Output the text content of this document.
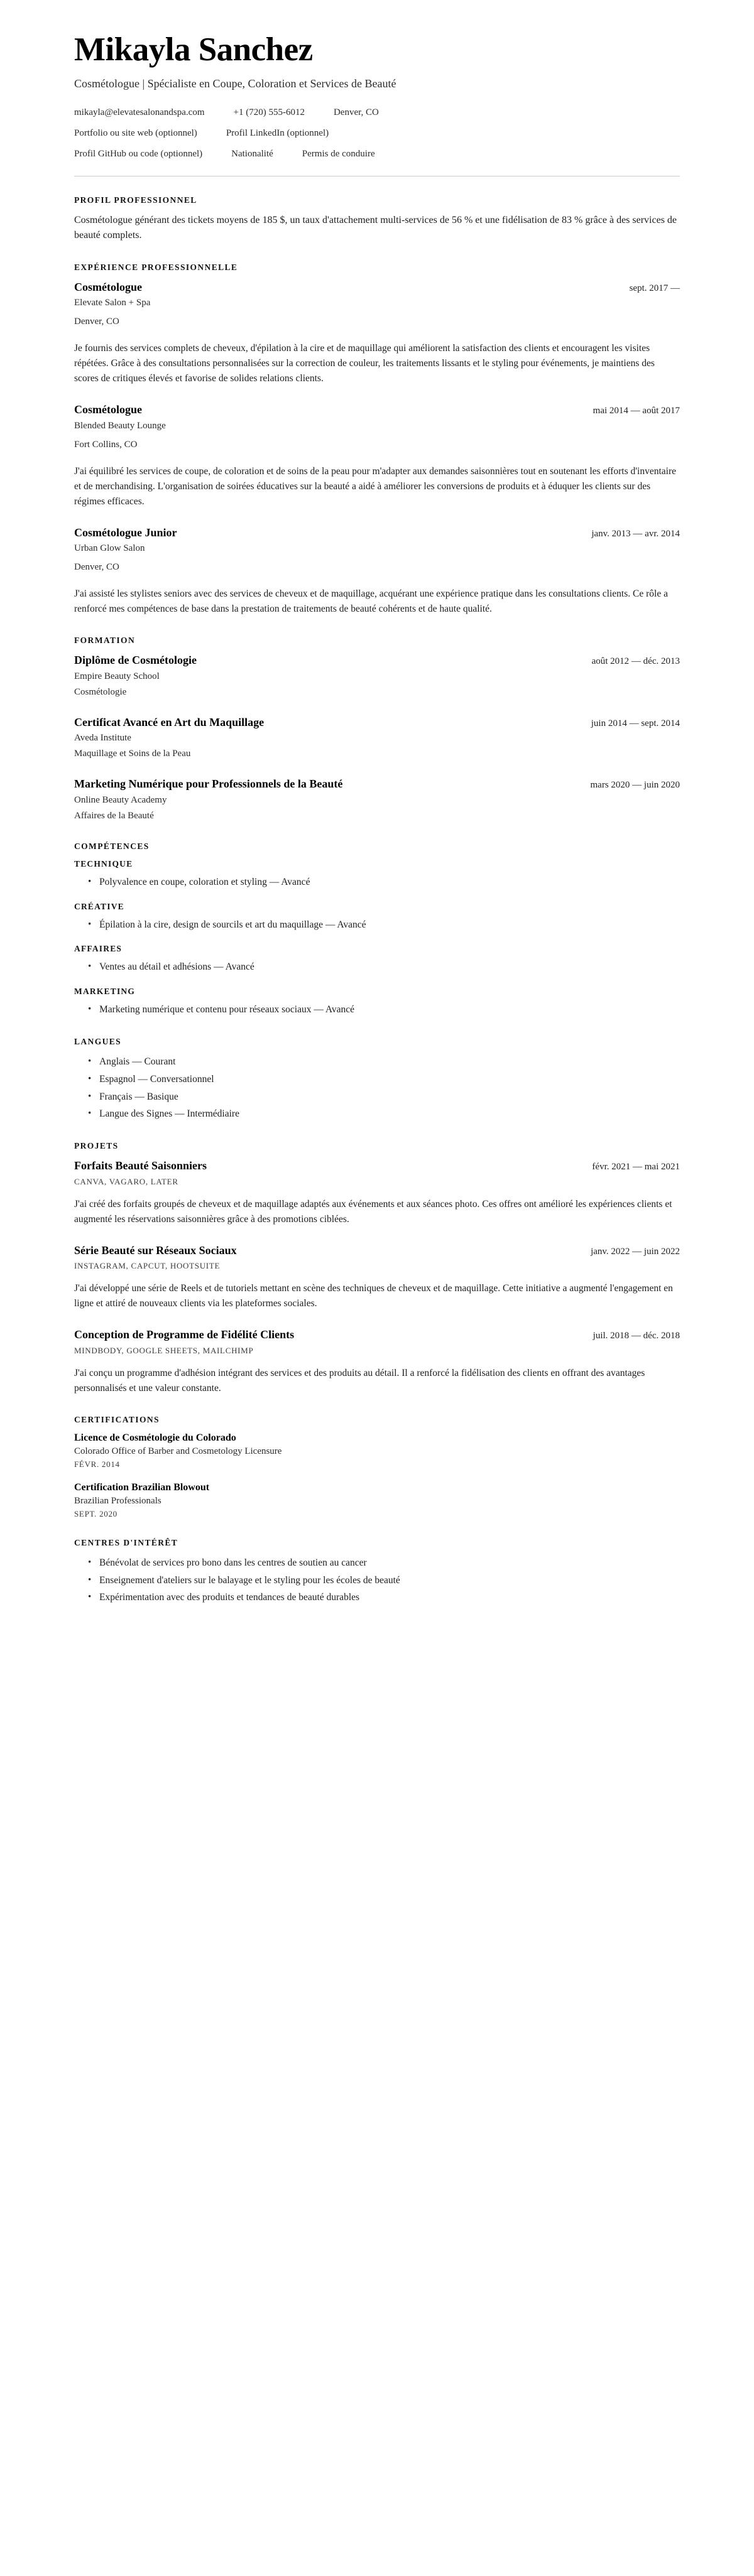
Mikayla Sanchez
Cosmétologue | Spécialiste en Coupe, Coloration et Services de Beauté
mikayla@elevatesalonandspa.com	+1 (720) 555-6012	Denver, CO
Portfolio ou site web (optionnel)	Profil LinkedIn (optionnel)
Profil GitHub ou code (optionnel)	Nationalité	Permis de conduire
PROFIL PROFESSIONNEL

Cosmétologue générant des tickets moyens de 185 $, un taux d'attachement multi-services de 56 % et une fidélisation de 83 % grâce à des services de beauté complets.

EXPÉRIENCE PROFESSIONNELLE
Cosmétologue	sept. 2017 —
Elevate Salon + Spa
Denver, CO
Je fournis des services complets de cheveux, d'épilation à la cire et de maquillage qui améliorent la satisfaction des clients et encouragent les visites répétées. Grâce à des consultations personnalisées sur la correction de couleur, les traitements lissants et le styling pour événements, je maintiens des scores de critiques élevés et favorise de solides relations clients.
Cosmétologue	mai 2014 — août 2017
Blended Beauty Lounge
Fort Collins, CO
J'ai équilibré les services de coupe, de coloration et de soins de la peau pour m'adapter aux demandes saisonnières tout en soutenant les efforts d'inventaire et de merchandising. L'organisation de soirées éducatives sur la beauté a aidé à améliorer les conversions de produits et à éduquer les clients sur des régimes efficaces.
Cosmétologue Junior	janv. 2013 — avr. 2014
Urban Glow Salon
Denver, CO
J'ai assisté les stylistes seniors avec des services de cheveux et de maquillage, acquérant une expérience pratique dans les consultations clients. Ce rôle a renforcé mes compétences de base dans la prestation de traitements de beauté cohérents et de haute qualité.
FORMATION
Diplôme de Cosmétologie	août 2012 — déc. 2013
Empire Beauty School
Cosmétologie
Certificat Avancé en Art du Maquillage	juin 2014 — sept. 2014
Aveda Institute
Maquillage et Soins de la Peau
Marketing Numérique pour Professionnels de la Beauté	mars 2020 — juin 2020
Online Beauty Academy
Affaires de la Beauté
COMPÉTENCES
TECHNIQUE
• Polyvalence en coupe, coloration et styling — Avancé
CRÉATIVE
• Épilation à la cire, design de sourcils et art du maquillage — Avancé
AFFAIRES
• Ventes au détail et adhésions — Avancé
MARKETING
• Marketing numérique et contenu pour réseaux sociaux — Avancé
LANGUES
• Anglais — Courant
• Espagnol — Conversationnel
• Français — Basique
• Langue des Signes — Intermédiaire
PROJETS
Forfaits Beauté Saisonniers	févr. 2021 — mai 2021
CANVA, VAGARO, LATER
J'ai créé des forfaits groupés de cheveux et de maquillage adaptés aux événements et aux séances photo. Ces offres ont amélioré les expériences clients et augmenté les réservations saisonnières grâce à des promotions ciblées.
Série Beauté sur Réseaux Sociaux	janv. 2022 — juin 2022
INSTAGRAM, CAPCUT, HOOTSUITE
J'ai développé une série de Reels et de tutoriels mettant en scène des techniques de cheveux et de maquillage. Cette initiative a augmenté l'engagement en ligne et attiré de nouveaux clients via les plateformes sociales.
Conception de Programme de Fidélité Clients	juil. 2018 — déc. 2018
MINDBODY, GOOGLE SHEETS, MAILCHIMP
J'ai conçu un programme d'adhésion intégrant des services et des produits au détail. Il a renforcé la fidélisation des clients en offrant des avantages personnalisés et une valeur constante.
CERTIFICATIONS
Licence de Cosmétologie du Colorado
Colorado Office of Barber and Cosmetology Licensure
FÉVR. 2014
Certification Brazilian Blowout
Brazilian Professionals
SEPT. 2020
CENTRES D'INTÉRÊT
• Bénévolat de services pro bono dans les centres de soutien au cancer
• Enseignement d'ateliers sur le balayage et le styling pour les écoles de beauté
• Expérimentation avec des produits et tendances de beauté durables
